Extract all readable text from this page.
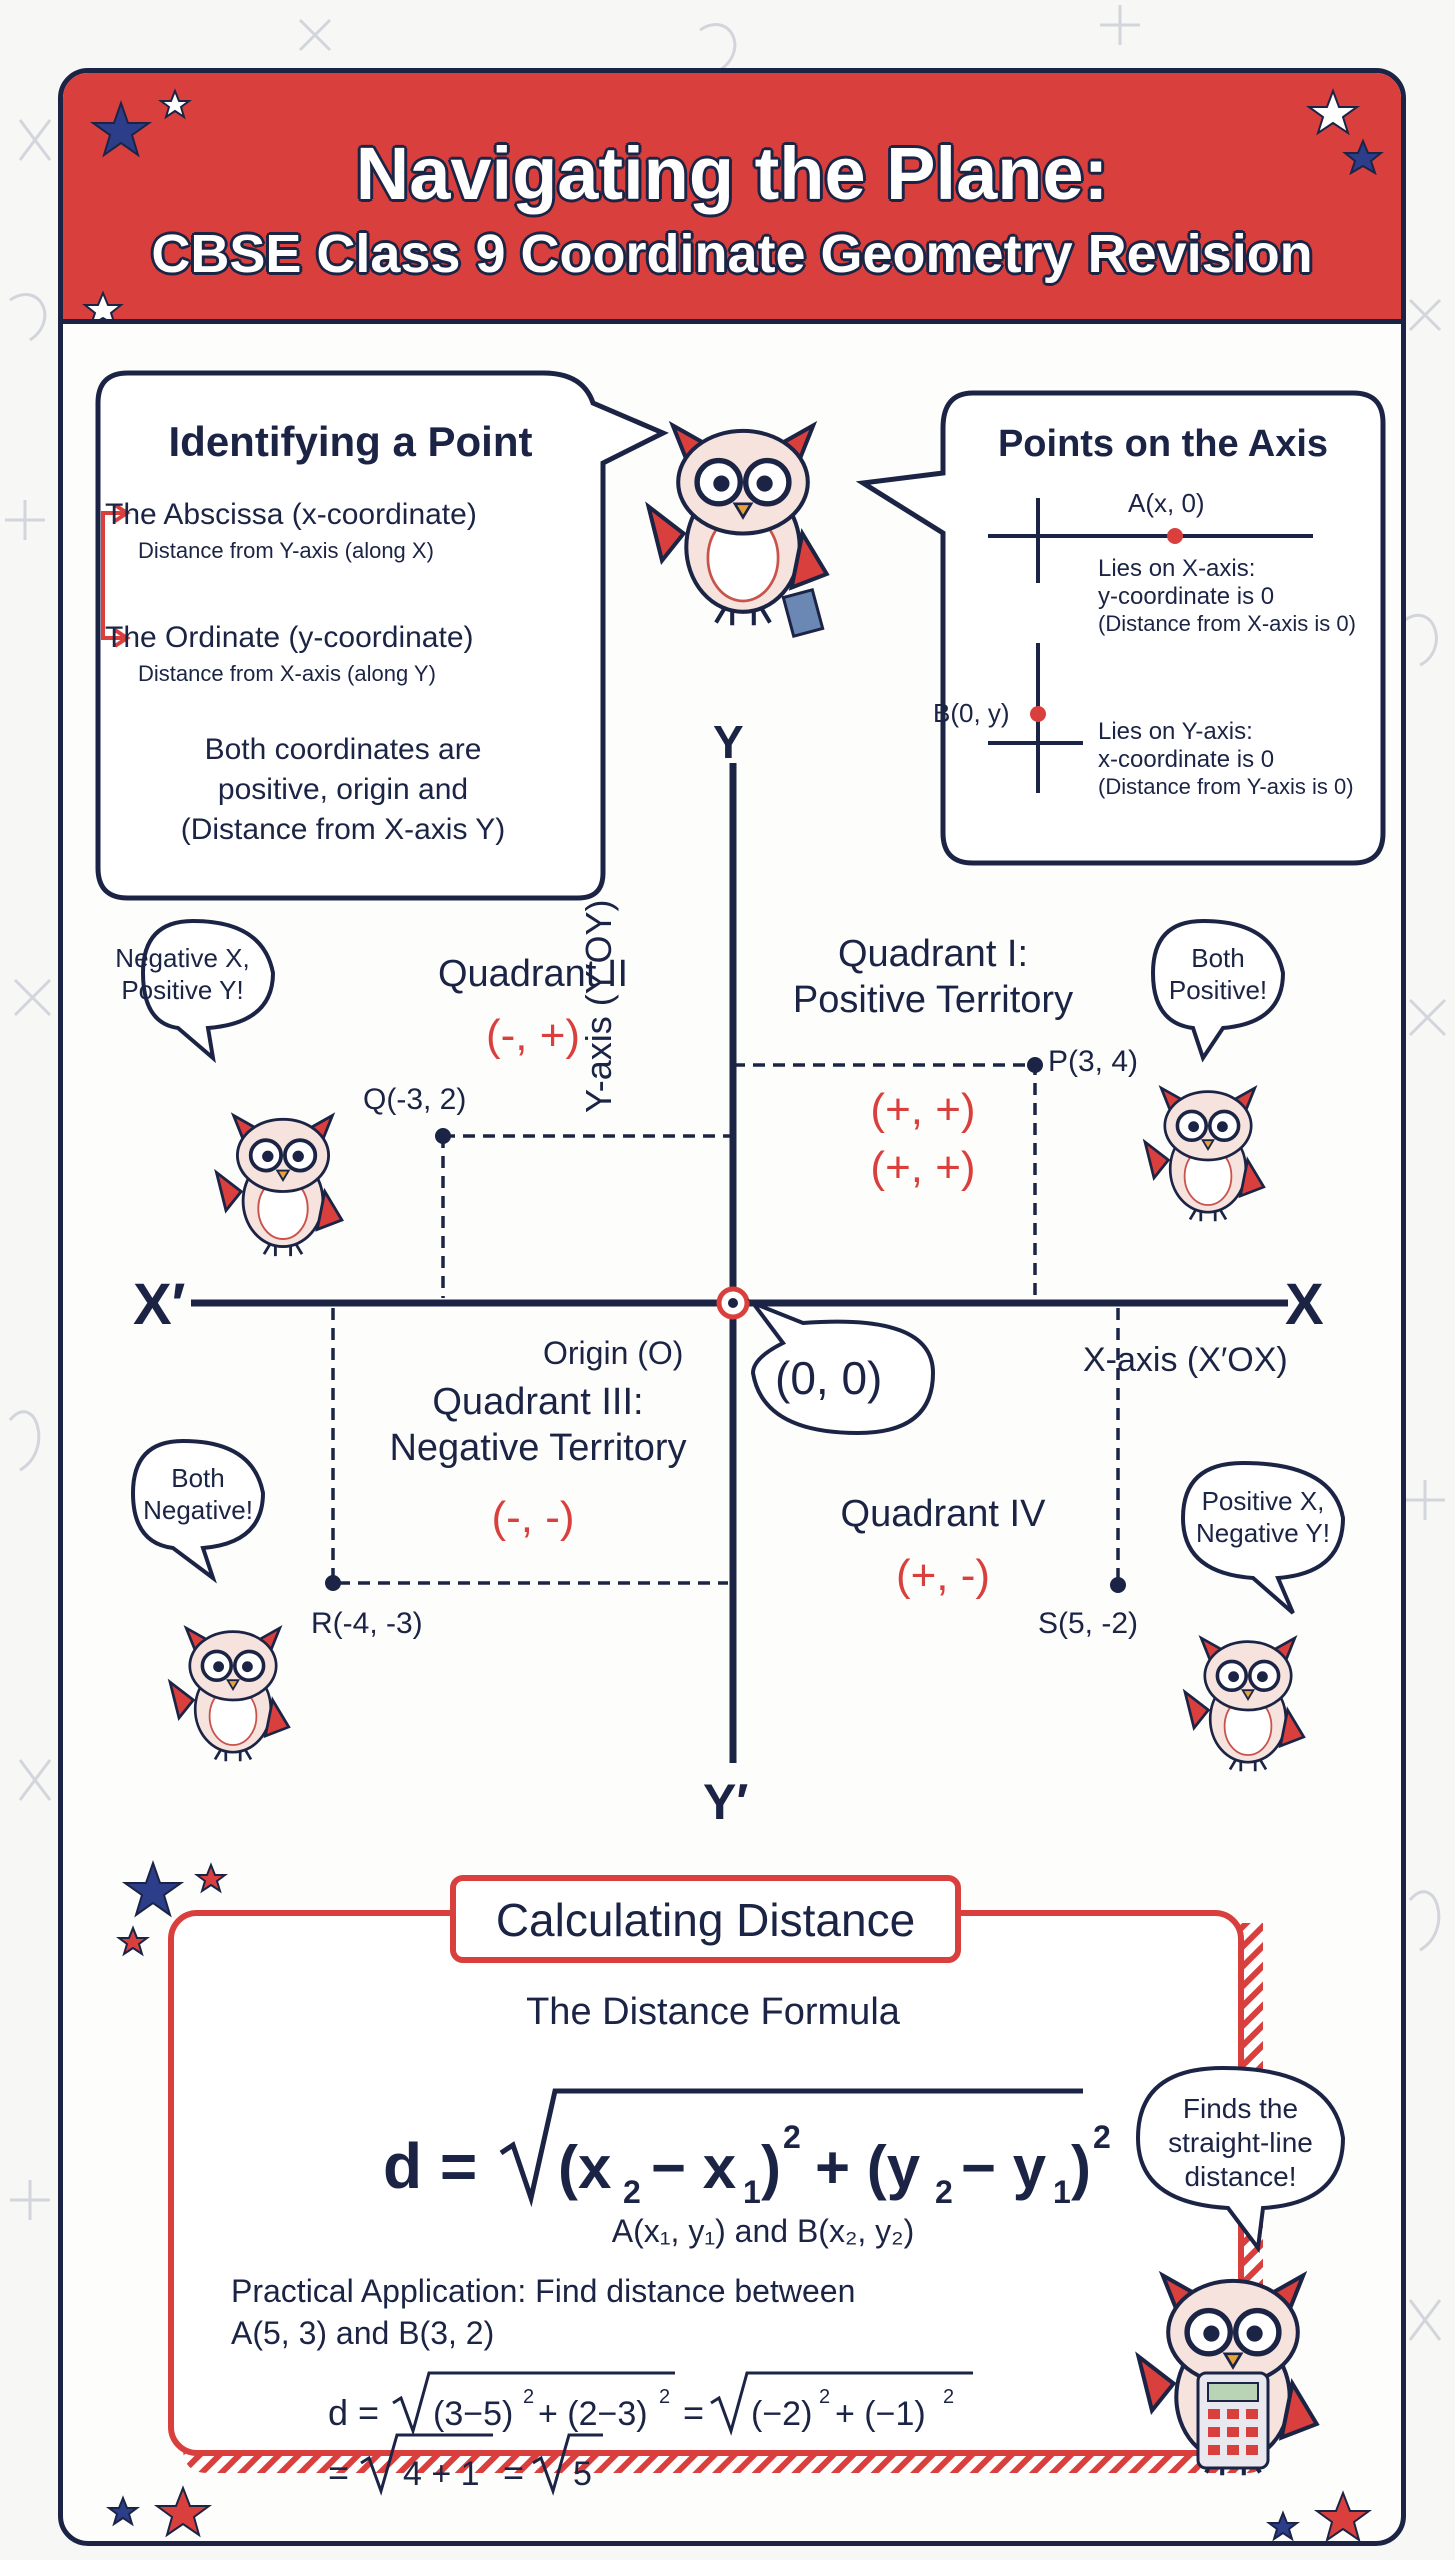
Navigating the Plane:
CBSE Class 9 Coordinate Geometry Revision
d = (x 2 − x 1 ) 2 + (y 2 − y 1 ) 2
d = (3−5) 2 + (2−3) 2 = (−2) 2 + (−1) 2
= 4 + 1 = 5
Identifying a Point
The Abscissa (x-coordinate)
Distance from Y-axis (along X)
The Ordinate (y-coordinate)
Distance from X-axis (along Y)
Both coordinates are
positive, origin and
(Distance from X-axis Y)
Points on the Axis
A(x, 0)
Lies on X-axis:
y-coordinate is 0
(Distance from X-axis is 0)
B(0, y)
Lies on Y-axis:
x-coordinate is 0
(Distance from Y-axis is 0)
Y
Y′
X
X′
Y-axis (Y′OY)
X-axis (X′OX)
Origin (O) (0, 0)
Quadrant I:
Positive Territory
(+, +)
(+, +)
P(3, 4)
Quadrant II
(-, +)
Q(-3, 2)
Quadrant III:
Negative Territory
(-, -)
R(-4, -3)
Quadrant IV
(+, -)
S(5, -2)
Negative X,
Positive Y!
Both
Positive!
Both
Negative!	Positive X,
Negative Y!
Calculating Distance
The Distance Formula
A(x₁, y₁) and B(x₂, y₂)
Practical Application: Find distance between
A(5, 3) and B(3, 2)
Finds the
straight-line
distance!
